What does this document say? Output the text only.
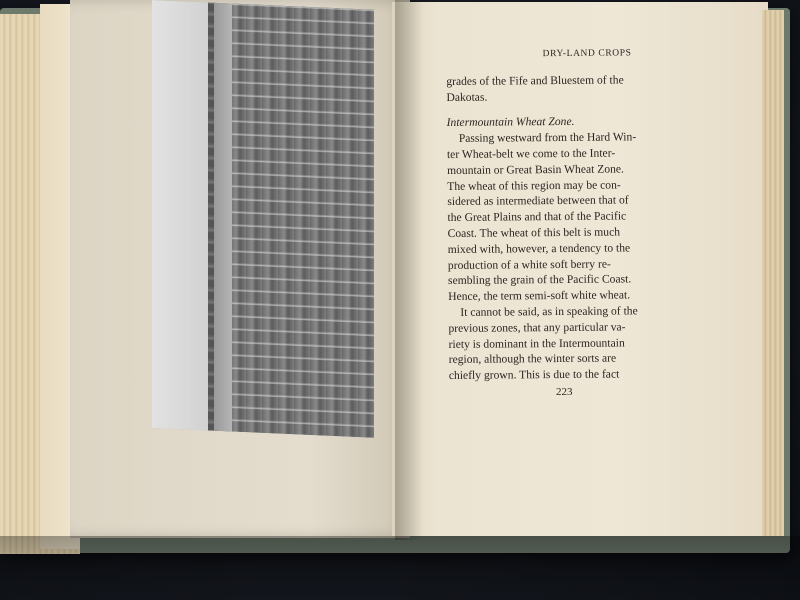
DRY-LAND CROPS
grades of the Fife and Bluestem of the
Dakotas.
Intermountain Wheat Zone.
Passing westward from the Hard Win-
ter Wheat-belt we come to the Inter-
mountain or Great Basin Wheat Zone.
The wheat of this region may be con-
sidered as intermediate between that of
the Great Plains and that of the Pacific
Coast. The wheat of this belt is much
mixed with, however, a tendency to the
production of a white soft berry re-
sembling the grain of the Pacific Coast.
Hence, the term semi-soft white wheat.
It cannot be said, as in speaking of the
previous zones, that any particular va-
riety is dominant in the Intermountain
region, although the winter sorts are
chiefly grown. This is due to the fact
223
